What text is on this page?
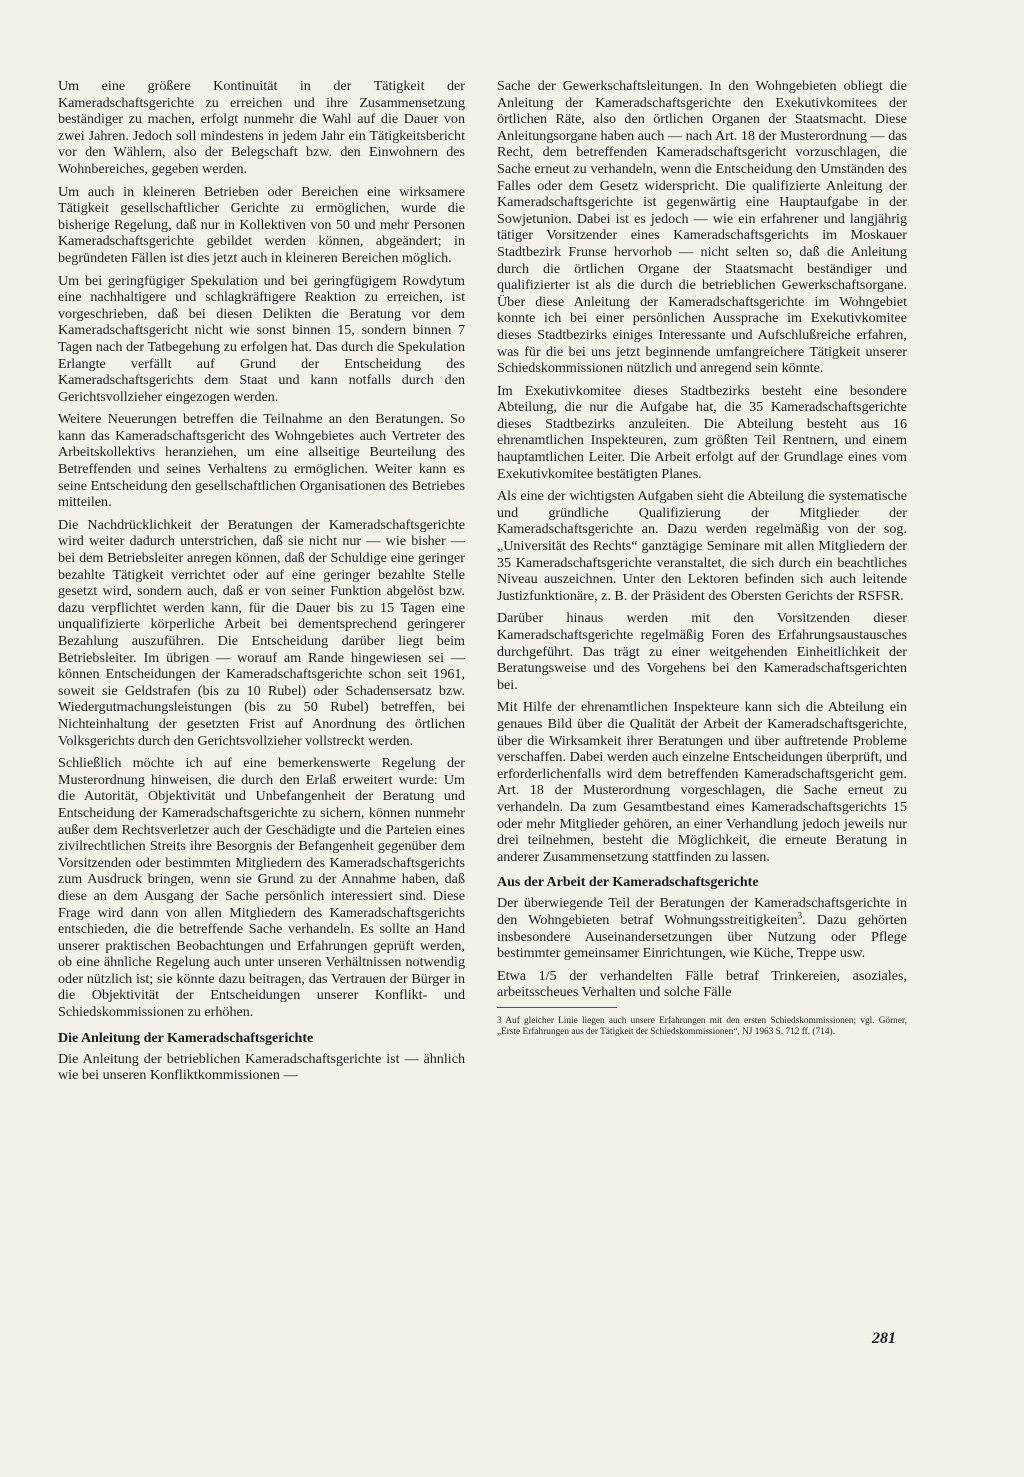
Um eine größere Kontinuität in der Tätigkeit der Kameradschaftsgerichte zu erreichen und ihre Zusammensetzung beständiger zu machen, erfolgt nunmehr die Wahl auf die Dauer von zwei Jahren. Jedoch soll mindestens in jedem Jahr ein Tätigkeitsbericht vor den Wählern, also der Belegschaft bzw. den Einwohnern des Wohnbereiches, gegeben werden.

Um auch in kleineren Betrieben oder Bereichen eine wirksamere Tätigkeit gesellschaftlicher Gerichte zu ermöglichen, wurde die bisherige Regelung, daß nur in Kollektiven von 50 und mehr Personen Kameradschaftsgerichte gebildet werden können, abgeändert; in begründeten Fällen ist dies jetzt auch in kleineren Bereichen möglich.

Um bei geringfügiger Spekulation und bei geringfügigem Rowdytum eine nachhaltigere und schlagkräftigere Reaktion zu erreichen, ist vorgeschrieben, daß bei diesen Delikten die Beratung vor dem Kameradschaftsgericht nicht wie sonst binnen 15, sondern binnen 7 Tagen nach der Tatbegehung zu erfolgen hat. Das durch die Spekulation Erlangte verfällt auf Grund der Entscheidung des Kameradschaftsgerichts dem Staat und kann notfalls durch den Gerichtsvollzieher eingezogen werden.

Weitere Neuerungen betreffen die Teilnahme an den Beratungen. So kann das Kameradschaftsgericht des Wohngebietes auch Vertreter des Arbeitskollektivs heranziehen, um eine allseitige Beurteilung des Betreffenden und seines Verhaltens zu ermöglichen. Weiter kann es seine Entscheidung den gesellschaftlichen Organisationen des Betriebes mitteilen.

Die Nachdrücklichkeit der Beratungen der Kameradschaftsgerichte wird weiter dadurch unterstrichen, daß sie nicht nur — wie bisher — bei dem Betriebsleiter anregen können, daß der Schuldige eine geringer bezahlte Tätigkeit verrichtet oder auf eine geringer bezahlte Stelle gesetzt wird, sondern auch, daß er von seiner Funktion abgelöst bzw. dazu verpflichtet werden kann, für die Dauer bis zu 15 Tagen eine unqualifizierte körperliche Arbeit bei dementsprechend geringerer Bezahlung auszuführen. Die Entscheidung darüber liegt beim Betriebsleiter. Im übrigen — worauf am Rande hingewiesen sei — können Entscheidungen der Kameradschaftsgerichte schon seit 1961, soweit sie Geldstrafen (bis zu 10 Rubel) oder Schadensersatz bzw. Wiedergutmachungsleistungen (bis zu 50 Rubel) betreffen, bei Nichteinhaltung der gesetzten Frist auf Anordnung des örtlichen Volksgerichts durch den Gerichtsvollzieher vollstreckt werden.

Schließlich möchte ich auf eine bemerkenswerte Regelung der Musterordnung hinweisen, die durch den Erlaß erweitert wurde: Um die Autorität, Objektivität und Unbefangenheit der Beratung und Entscheidung der Kameradschaftsgerichte zu sichern, können nunmehr außer dem Rechtsverletzer auch der Geschädigte und die Parteien eines zivilrechtlichen Streits ihre Besorgnis der Befangenheit gegenüber dem Vorsitzenden oder bestimmten Mitgliedern des Kameradschaftsgerichts zum Ausdruck bringen, wenn sie Grund zu der Annahme haben, daß diese an dem Ausgang der Sache persönlich interessiert sind. Diese Frage wird dann von allen Mitgliedern des Kameradschaftsgerichts entschieden, die die betreffende Sache verhandeln. Es sollte an Hand unserer praktischen Beobachtungen und Erfahrungen geprüft werden, ob eine ähnliche Regelung auch unter unseren Verhältnissen notwendig oder nützlich ist; sie könnte dazu beitragen, das Vertrauen der Bürger in die Objektivität der Entscheidungen unserer Konflikt- und Schiedskommissionen zu erhöhen.

Die Anleitung der Kameradschaftsgerichte

Die Anleitung der betrieblichen Kameradschaftsgerichte ist — ähnlich wie bei unseren Konfliktkommissionen —

Sache der Gewerkschaftsleitungen. In den Wohngebieten obliegt die Anleitung der Kameradschaftsgerichte den Exekutivkomitees der örtlichen Räte, also den örtlichen Organen der Staatsmacht. Diese Anleitungsorgane haben auch — nach Art. 18 der Musterordnung — das Recht, dem betreffenden Kameradschaftsgericht vorzuschlagen, die Sache erneut zu verhandeln, wenn die Entscheidung den Umständen des Falles oder dem Gesetz widerspricht. Die qualifizierte Anleitung der Kameradschaftsgerichte ist gegenwärtig eine Hauptaufgabe in der Sowjetunion. Dabei ist es jedoch — wie ein erfahrener und langjährig tätiger Vorsitzender eines Kameradschaftsgerichts im Moskauer Stadtbezirk Frunse hervorhob — nicht selten so, daß die Anleitung durch die örtlichen Organe der Staatsmacht beständiger und qualifizierter ist als die durch die betrieblichen Gewerkschaftsorgane. Über diese Anleitung der Kameradschaftsgerichte im Wohngebiet konnte ich bei einer persönlichen Aussprache im Exekutivkomitee dieses Stadtbezirks einiges Interessante und Aufschlußreiche erfahren, was für die bei uns jetzt beginnende umfangreichere Tätigkeit unserer Schiedskommissionen nützlich und anregend sein könnte.

Im Exekutivkomitee dieses Stadtbezirks besteht eine besondere Abteilung, die nur die Aufgabe hat, die 35 Kameradschaftsgerichte dieses Stadtbezirks anzuleiten. Die Abteilung besteht aus 16 ehrenamtlichen Inspekteuren, zum größten Teil Rentnern, und einem hauptamtlichen Leiter. Die Arbeit erfolgt auf der Grundlage eines vom Exekutivkomitee bestätigten Planes.

Als eine der wichtigsten Aufgaben sieht die Abteilung die systematische und gründliche Qualifizierung der Mitglieder der Kameradschaftsgerichte an. Dazu werden regelmäßig von der sog. „Universität des Rechts“ ganztägige Seminare mit allen Mitgliedern der 35 Kameradschaftsgerichte veranstaltet, die sich durch ein beachtliches Niveau auszeichnen. Unter den Lektoren befinden sich auch leitende Justizfunktionäre, z. B. der Präsident des Obersten Gerichts der RSFSR.

Darüber hinaus werden mit den Vorsitzenden dieser Kameradschaftsgerichte regelmäßig Foren des Erfahrungsaustausches durchgeführt. Das trägt zu einer weitgehenden Einheitlichkeit der Beratungsweise und des Vorgehens bei den Kameradschaftsgerichten bei.

Mit Hilfe der ehrenamtlichen Inspekteure kann sich die Abteilung ein genaues Bild über die Qualität der Arbeit der Kameradschaftsgerichte, über die Wirksamkeit ihrer Beratungen und über auftretende Probleme verschaffen. Dabei werden auch einzelne Entscheidungen überprüft, und erforderlichenfalls wird dem betreffenden Kameradschaftsgericht gem. Art. 18 der Musterordnung vorgeschlagen, die Sache erneut zu verhandeln. Da zum Gesamtbestand eines Kameradschaftsgerichts 15 oder mehr Mitglieder gehören, an einer Verhandlung jedoch jeweils nur drei teilnehmen, besteht die Möglichkeit, die erneute Beratung in anderer Zusammensetzung stattfinden zu lassen.

Aus der Arbeit der Kameradschaftsgerichte

Der überwiegende Teil der Beratungen der Kameradschaftsgerichte in den Wohngebieten betraf Wohnungsstreitigkeiten$^3$. Dazu gehörten insbesondere Auseinandersetzungen über Nutzung oder Pflege bestimmter gemeinsamer Einrichtungen, wie Küche, Treppe usw.

Etwa 1/5 der verhandelten Fälle betraf Trinkereien, asoziales, arbeitsscheues Verhalten und solche Fälle

3 Auf gleicher Linie liegen auch unsere Erfahrungen mit den ersten Schiedskommissionen; vgl. Görner, „Erste Erfahrungen aus der Tätigkeit der Schiedskommissionen“, NJ 1963 S. 712 ff. (714).

281
